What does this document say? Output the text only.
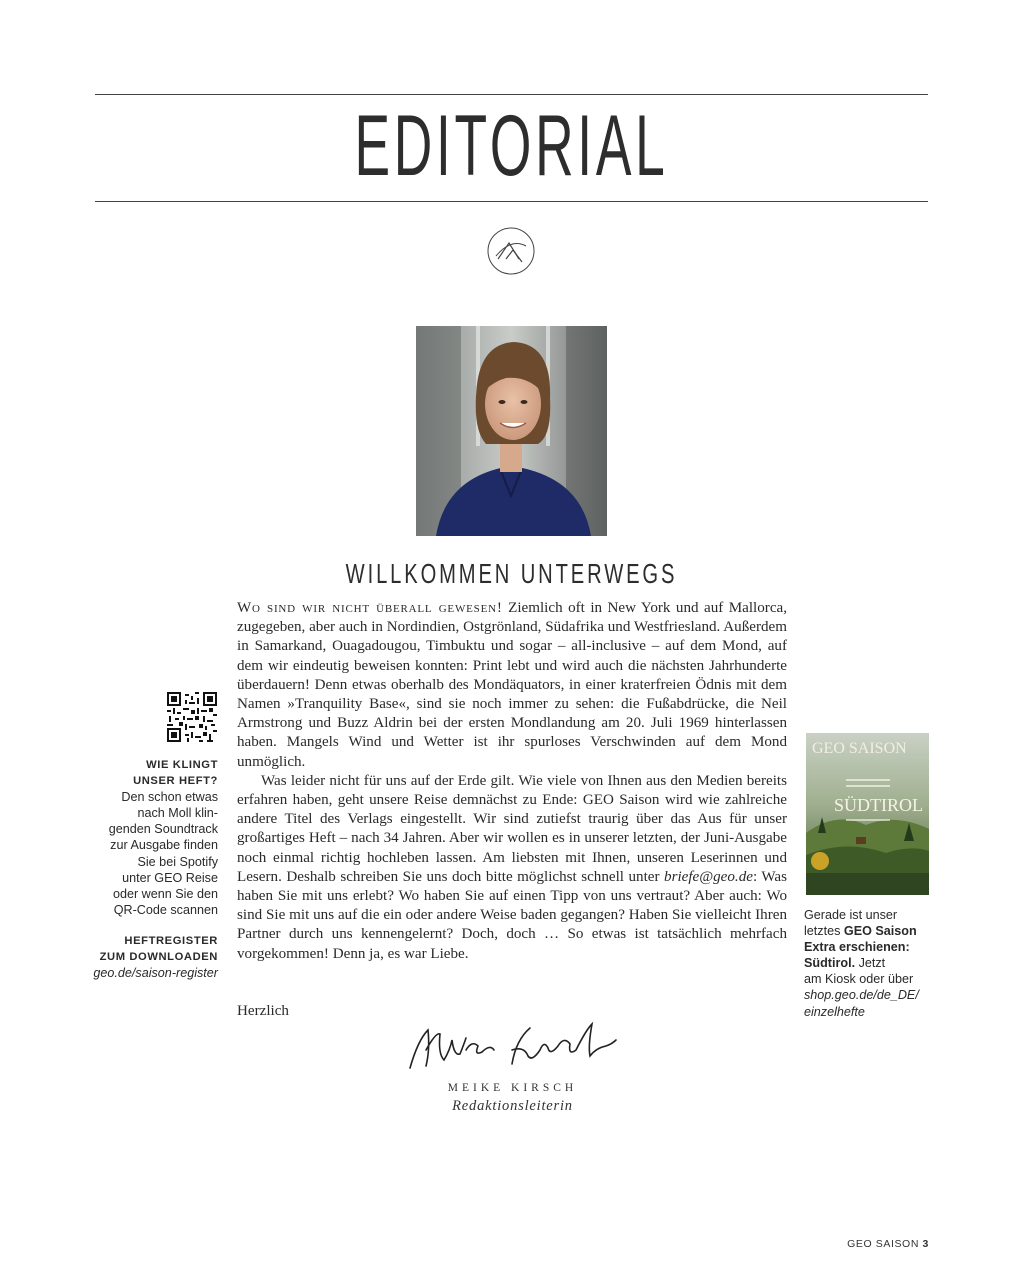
EDITORIAL
WILLKOMMEN UNTERWEGS

Wo sind wir nicht überall gewesen! Ziemlich oft in New York und auf Mallorca, zugegeben, aber auch in Nordindien, Ostgrönland, Südafrika und Westfriesland. Außerdem in Samarkand, Ouagadougou, Timbuktu und sogar – all-inclusive – auf dem Mond, auf dem wir eindeutig beweisen konnten: Print lebt und wird auch die nächsten Jahrhunderte überdauern! Denn etwas oberhalb des Mondäquators, in einer kraterfreien Ödnis mit dem Namen »Tranquility Base«, sind sie noch immer zu sehen: die Fußabdrücke, die Neil Armstrong und Buzz Aldrin bei der ersten Mondlandung am 20. Juli 1969 hinterlassen haben. Mangels Wind und Wetter ist ihr spurloses Verschwinden auf dem Mond unmöglich.

Was leider nicht für uns auf der Erde gilt. Wie viele von Ihnen aus den Medien bereits erfahren haben, geht unsere Reise demnächst zu Ende: GEO Saison wird wie zahlreiche andere Titel des Verlags eingestellt. Wir sind zutiefst traurig über das Aus für unser großartiges Heft – nach 34 Jahren. Aber wir wollen es in unserer letzten, der Juni-Ausgabe noch einmal richtig hochleben lassen. Am liebsten mit Ihnen, unseren Leserinnen und Lesern. Deshalb schreiben Sie uns doch bitte möglichst schnell unter briefe@geo.de: Was haben Sie mit uns erlebt? Wo haben Sie auf einen Tipp von uns vertraut? Aber auch: Wo sind Sie mit uns auf die ein oder andere Weise baden gegangen? Haben Sie vielleicht Ihren Partner durch uns kennengelernt? Doch, doch … So etwas ist tatsächlich mehrfach vorgekommen! Denn ja, es war Liebe.

Herzlich
MEIKE KIRSCH
Redaktionsleiterin
WIE KLINGT
UNSER HEFT?
Den schon etwas
nach Moll klin-
genden Soundtrack
zur Ausgabe finden
Sie bei Spotify
unter GEO Reise
oder wenn Sie den
QR-Code scannen
HEFTREGISTER
ZUM DOWNLOADEN
geo.de/saison-register
GEO SAISON
SÜDTIROL
Gerade ist unser
letztes GEO Saison
Extra erschienen:
Südtirol. Jetzt
am Kiosk oder über
shop.geo.de/de_DE/
einzelhefte
GEO SAISON 3
